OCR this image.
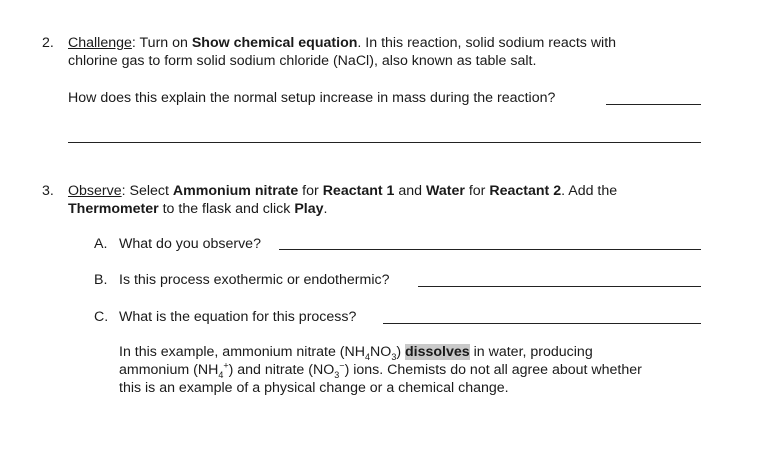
2. Challenge: Turn on Show chemical equation. In this reaction, solid sodium reacts with
chlorine gas to form solid sodium chloride (NaCl), also known as table salt.
How does this explain the normal setup increase in mass during the reaction?
3. Observe: Select Ammonium nitrate for Reactant 1 and Water for Reactant 2. Add the
Thermometer to the flask and click Play.
A. What do you observe?
B. Is this process exothermic or endothermic?
C. What is the equation for this process?
In this example, ammonium nitrate $(NH_4NO_3)$ dissolves in water, producing
ammonium $(NH_4^+)$ and nitrate $(NO_3^-)$ ions. Chemists do not all agree about whether
this is an example of a physical change or a chemical change.
